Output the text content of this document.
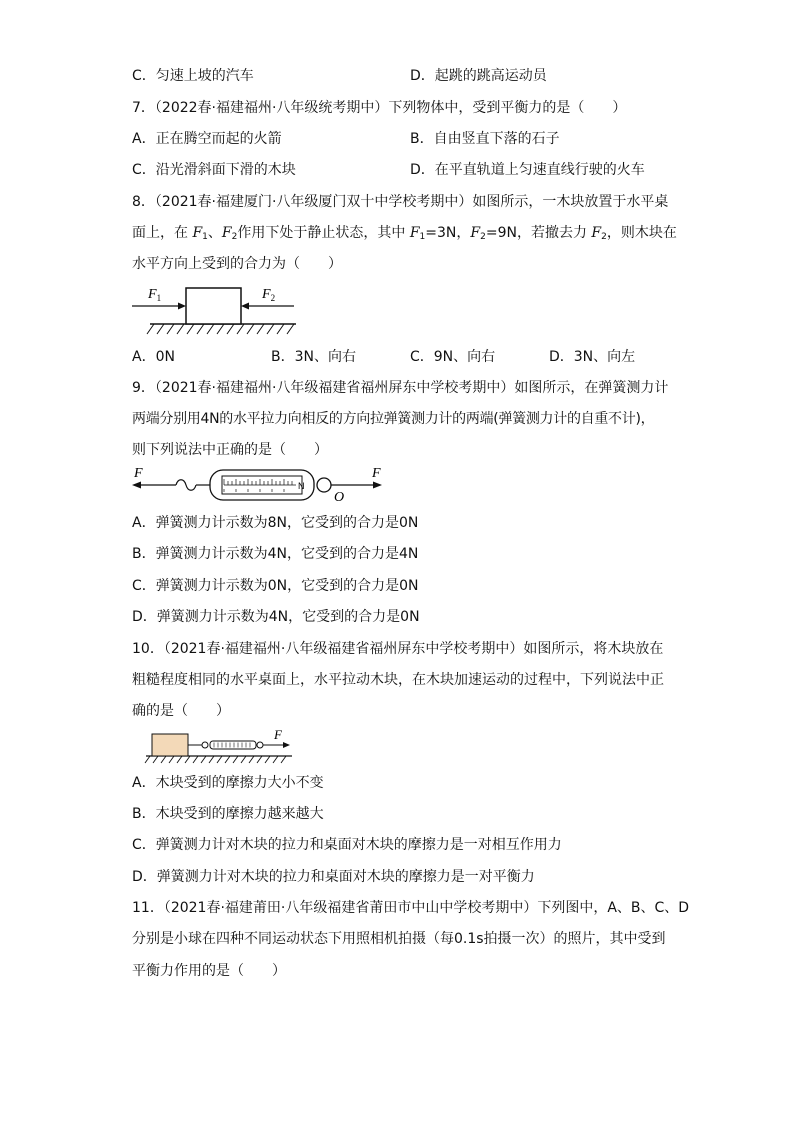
C．匀速上坡的汽车	D．起跳的跳高运动员
7．（2022春·福建福州·八年级统考期中）下列物体中，受到平衡力的是（　　）
A．正在腾空而起的火箭	B．自由竖直下落的石子
C．沿光滑斜面下滑的木块	D．在平直轨道上匀速直线行驶的火车
8．（2021春·福建厦门·八年级厦门双十中学校考期中）如图所示，一木块放置于水平桌
面上，在 $F_1$、$F_2$作用下处于静止状态，其中 $F_1=3N$，$F_2=9N$，若撤去力 $F_2$，则木块在
水平方向上受到的合力为（　　）
$F_1$	$F_2$
A．0N	B．3N、向右	C．9N、向右	D．3N、向左
9．（2021春·福建福州·八年级福建省福州屏东中学校考期中）如图所示，在弹簧测力计
两端分别用4N的水平拉力向相反的方向拉弹簧测力计的两端(弹簧测力计的自重不计)，
则下列说法中正确的是（　　）
N
F	F
O
A．弹簧测力计示数为8N，它受到的合力是0N
B．弹簧测力计示数为4N，它受到的合力是4N
C．弹簧测力计示数为0N，它受到的合力是0N
D．弹簧测力计示数为4N，它受到的合力是0N
10．（2021春·福建福州·八年级福建省福州屏东中学校考期中）如图所示，将木块放在
粗糙程度相同的水平桌面上，水平拉动木块，在木块加速运动的过程中，下列说法中正
确的是（　　）
F
A．木块受到的摩擦力大小不变
B．木块受到的摩擦力越来越大
C．弹簧测力计对木块的拉力和桌面对木块的摩擦力是一对相互作用力
D．弹簧测力计对木块的拉力和桌面对木块的摩擦力是一对平衡力
11．（2021春·福建莆田·八年级福建省莆田市中山中学校考期中）下列图中，A、B、C、D
分别是小球在四种不同运动状态下用照相机拍摄（每0.1s拍摄一次）的照片，其中受到
平衡力作用的是（　　）
